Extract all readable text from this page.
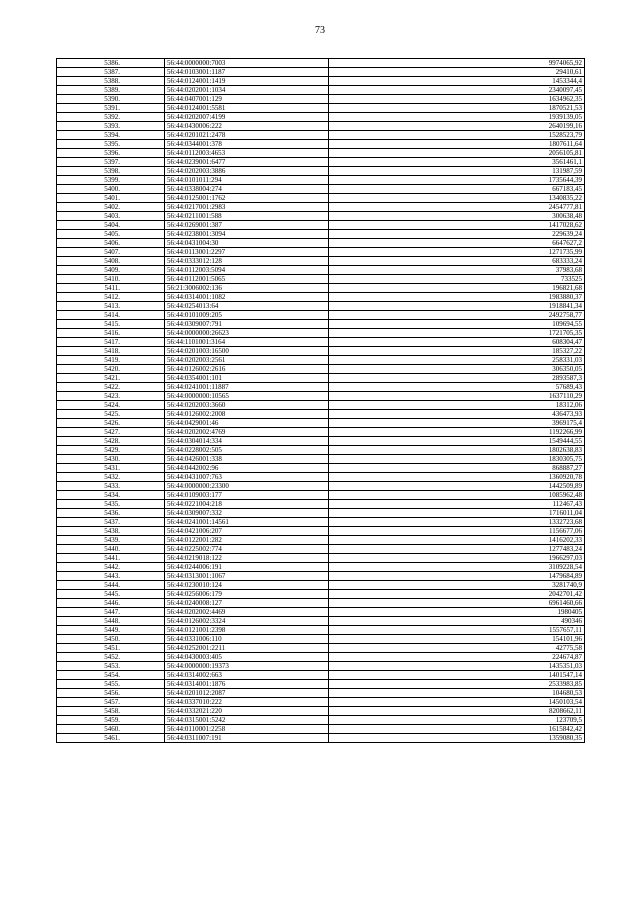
73
5386.	56:44:0000000:7003	9974065,92
5387.	56:44:0103001:1187	29410,61
5388.	56:44:0124001:1419	1453344,4
5389.	56:44:0202001:1034	2340097,45
5390.	56:44:0407001:129	1634962,35
5391.	56:44:0124001:5581	1870521,53
5392.	56:44:0202007:4199	1939139,05
5393.	56:44:0430006:222	2640199,16
5394.	56:44:0201021:2478	1528523,79
5395.	56:44:0344001:378	1807611,64
5396.	56:44:0112003:4653	2056105,81
5397.	56:44:0239001:6477	3561461,1
5398.	56:44:0202003:3886	131987,59
5399.	56:44:0101011:294	1735644,39
5400.	56:44:0338004:274	667183,45
5401.	56:44:0125001:1762	1340835,22
5402.	56:44:0217001:2983	2454777,81
5403.	56:44:0211001:588	300638,48
5404.	56:44:0269001:387	1417028,62
5405.	56:44:0238001:3094	229639,24
5406.	56:44:0431004:30	6647627,2
5407.	56:44:0113001:2297	1271735,99
5408.	56:44:0333012:128	683333,24
5409.	56:44:0112003:5094	37983,68
5410.	56:44:0112001:5065	733525
5411.	56:21:3006002:136	196821,68
5412.	56:44:0314001:1082	1983880,37
5413.	56:44:0254013:64	1918841,34
5414.	56:44:0101009:205	2492758,77
5415.	56:44:0309007:791	109694,55
5416.	56:44:0000000:26623	1721705,35
5417.	56:44:1101001:3164	608304,47
5418.	56:44:0201003:16500	185327,22
5419.	56:44:0202003:2561	258331,03
5420.	56:44:0126002:2616	306350,05
5421.	56:44:0354001:101	2893587,3
5422.	56:44:0241001:11887	57689,43
5423.	56:44:0000000:10565	1637110,29
5424.	56:44:0202003:3660	18312,06
5425.	56:44:0126002:2008	436473,93
5426.	56:44:0429001:46	3969175,4
5427.	56:44:0202002:4769	1192266,99
5428.	56:44:0304014:334	1549444,55
5429.	56:44:0228002:505	1802638,83
5430.	56:44:0426001:338	1830305,75
5431.	56:44:0442002:96	868887,27
5432.	56:44:0431007:763	1360920,78
5433.	56:44:0000000:23300	1442509,89
5434.	56:44:0109003:177	1085962,48
5435.	56:44:0221004:218	112467,43
5436.	56:44:0309007:332	1716011,04
5437.	56:44:0241001:14561	1332723,68
5438.	56:44:0421006:207	1156677,06
5439.	56:44:0122001:282	1416202,33
5440.	56:44:0225002:774	1277483,24
5441.	56:44:0219018:122	1966297,03
5442.	56:44:0244006:191	3109228,54
5443.	56:44:0313001:1067	1479684,89
5444.	56:44:0230010:124	3281740,9
5445.	56:44:0256006:179	2042701,42
5446.	56:44:0240008:127	6961460,66
5447.	56:44:0202002:4469	1980405
5448.	56:44:0126002:3324	490346
5449.	56:44:0121001:2398	1557657,11
5450.	56:44:0331006:110	154101,96
5451.	56:44:0252001:2211	42775,58
5452.	56:44:0430003:405	224674,87
5453.	56:44:0000000:19373	1435351,03
5454.	56:44:0314002:663	1401547,14
5455.	56:44:0314001:1876	2533983,85
5456.	56:44:0201012:2087	104680,53
5457.	56:44:0337010:222	1450103,54
5458.	56:44:0332021:220	8208662,11
5459.	56:44:0315001:5242	123709,5
5460.	56:44:0110001:2258	1615842,42
5461.	56:44:0311007:191	1359080,35
